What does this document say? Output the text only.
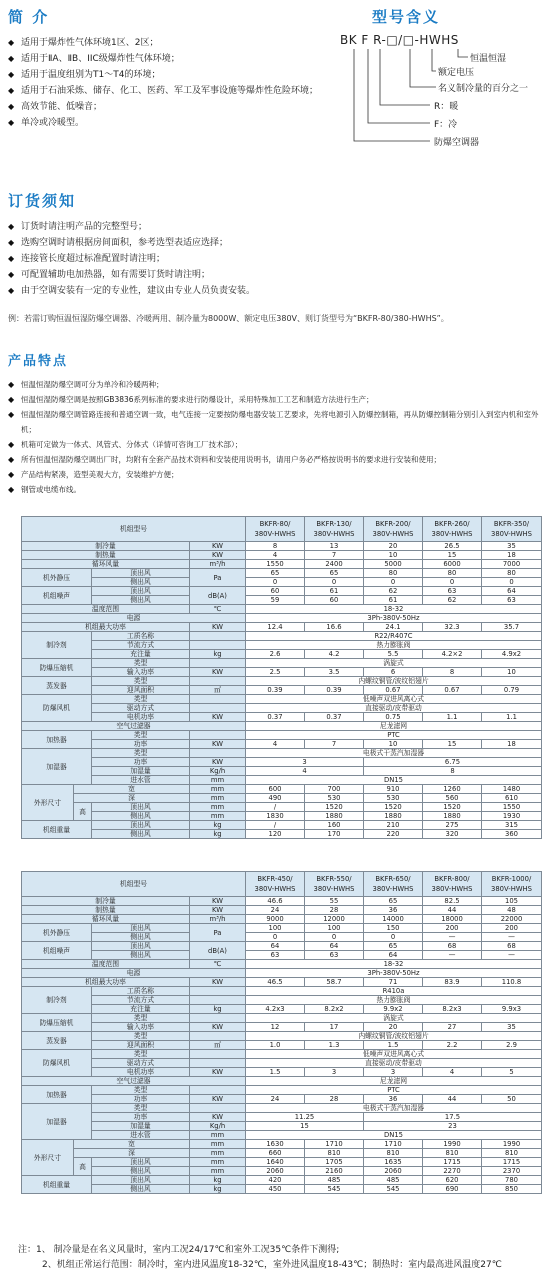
简 介
◆ 适用于爆炸性气体环境1区、2区；
◆ 适用于ⅡA、ⅡB、IIC级爆炸性气体环境；
◆ 适用于温度组别为T1～T4的环境；
◆ 适用于石油采炼、储存、化工、医药、军工及军事设施等爆炸性危险环境；
◆ 高效节能、低噪音；
◆ 单冷或冷暖型。
型号含义
BK F R-□/□-HWHS
恒温恒湿
额定电压
名义制冷量的百分之一
R：暖
F：冷
防爆空调器
订货须知
◆ 订货时请注明产品的完整型号；
◆ 选购空调时请根据房间面积，参考选型表适应选择；
◆ 连接管长度超过标准配置时请注明；
◆ 可配置辅助电加热器，如有需要订货时请注明；
◆ 由于空调安装有一定的专业性，建议由专业人员负责安装。
例：若需订购恒温恒湿防爆空调器、冷暖两用、制冷量为8000W、额定电压380V、则订货型号为“BKFR-80/380-HWHS”。
产品特点
◆ 恒温恒湿防爆空调可分为单冷和冷暖两种；
◆ 恒温恒湿防爆空调是按照GB3836系列标准的要求进行防爆设计，采用特殊加工工艺和制造方法进行生产；
◆ 恒温恒湿防爆空调管路连接和普通空调一致，电气连接一定要按防爆电器安装工艺要求，先将电源引入防爆控制箱，再从防爆控制箱分别引入到室内机和室外机；
◆ 机箱可定做为一体式、风管式、分体式（详情可咨询工厂技术部）；
◆ 所有恒温恒湿防爆空调出厂时，均附有全套产品技术资料和安装使用说明书，请用户务必严格按说明书的要求进行安装和使用；
◆ 产品结构紧凑，造型美观大方，安装维护方便；
◆ 钢管或电缆布线。
机组型号				BKFR-80/
380V-HWHS	BKFR-130/
380V-HWHS	BKFR-200/
380V-HWHS	BKFR-260/
380V-HWHS	BKFR-350/
380V-HWHS
制冷量			KW	8	13	20	26.5	35
制热量			KW	4	7	10	15	18
循环风量			m³/h	1550	2400	5000	6000	7000
机外静压		顶出风	Pa	65	65	80	80	80
		侧出风		0	0	0	0	0
机组噪声		顶出风	dB(A)	60	61	62	63	64
		侧出风		59	60	61	62	63
温度范围			℃	18-32				
电源				3Ph-380V-50Hz				
机组最大功率			KW	12.4	16.6	24.1	32.3	35.7
制冷剂		工质名称		R22/R407C				
		节流方式		热力膨胀阀				
		充注量	kg	2.6	4.2	5.5	4.2×2	4.9x2
防爆压缩机		类型		涡旋式				
		输入功率	KW	2.5	3.5	6	8	10
蒸发器		类型		内螺纹铜管/波纹铝翅片				
		迎风面积	㎡	0.39	0.39	0.67	0.67	0.79
防爆风机		类型		低噪声双进风离心式				
		驱动方式		直接驱动/皮带驱动				
		电机功率	KW	0.37	0.37	0.75	1.1	1.1
空气过滤器				尼龙滤网				
加热器		类型		PTC				
		功率	KW	4	7	10	15	18
加湿器		类型		电极式干蒸汽加湿器				
		功率	KW	3		6.75		
		加湿量	Kg/h	4		8		
		进水管	mm	DN15				
外形尺寸	宽		mm	600	700	910	1260	1480
	深		mm	490	530	530	560	610
	高	顶出风	mm	/	1520	1520	1520	1550
		侧出风	mm	1830	1880	1880	1880	1930
机组重量		顶出风	kg	/	160	210	275	315
		侧出风	kg	120	170	220	320	360
机组型号				BKFR-450/
380V-HWHS	BKFR-550/
380V-HWHS	BKFR-650/
380V-HWHS	BKFR-800/
380V-HWHS	BKFR-1000/
380V-HWHS
制冷量			KW	46.6	55	65	82.5	105
制热量			KW	24	28	36	44	48
循环风量			m³/h	9000	12000	14000	18000	22000
机外静压		顶出风	Pa	100	100	150	200	200
		侧出风		0	0	0	—	—
机组噪声		顶出风	dB(A)	64	64	65	68	68
		侧出风		63	63	64	—	—
温度范围			℃	18-32				
电源				3Ph-380V-50Hz				
机组最大功率			KW	46.5	58.7	71	83.9	110.8
制冷剂		工质名称		R410a				
		节流方式		热力膨胀阀				
		充注量	kg	4.2x3	8.2x2	9.9x2	8.2x3	9.9x3
防爆压缩机		类型		涡旋式				
		输入功率	KW	12	17	20	27	35
蒸发器		类型		内螺纹铜管/波纹铝翅片				
		迎风面积	㎡	1.0	1.3	1.5	2.2	2.9
防爆风机		类型		低噪声双进风离心式				
		驱动方式		直接驱动/皮带驱动				
		电机功率	KW	1.5	3	3	4	5
空气过滤器				尼龙滤网				
加热器		类型		PTC				
		功率	KW	24	28	36	44	50
加湿器		类型		电极式干蒸汽加湿器				
		功率	KW	11.25		17.5		
		加湿量	Kg/h	15		23		
		进水管	mm	DN15				
外形尺寸	宽		mm	1630	1710	1710	1990	1990
	深		mm	660	810	810	810	810
	高	顶出风	mm	1640	1705	1635	1715	1715
		侧出风	mm	2060	2160	2060	2270	2370
机组重量		顶出风	kg	420	485	485	620	780
		侧出风	kg	450	545	545	690	850
注：1、 制冷量是在名义风量时，室内工况24/17℃和室外工况35℃条件下测得;
2、机组正常运行范围：制冷时，室内进风温度18-32℃，室外进风温度18-43℃；制热时：室内最高进风温度27℃
